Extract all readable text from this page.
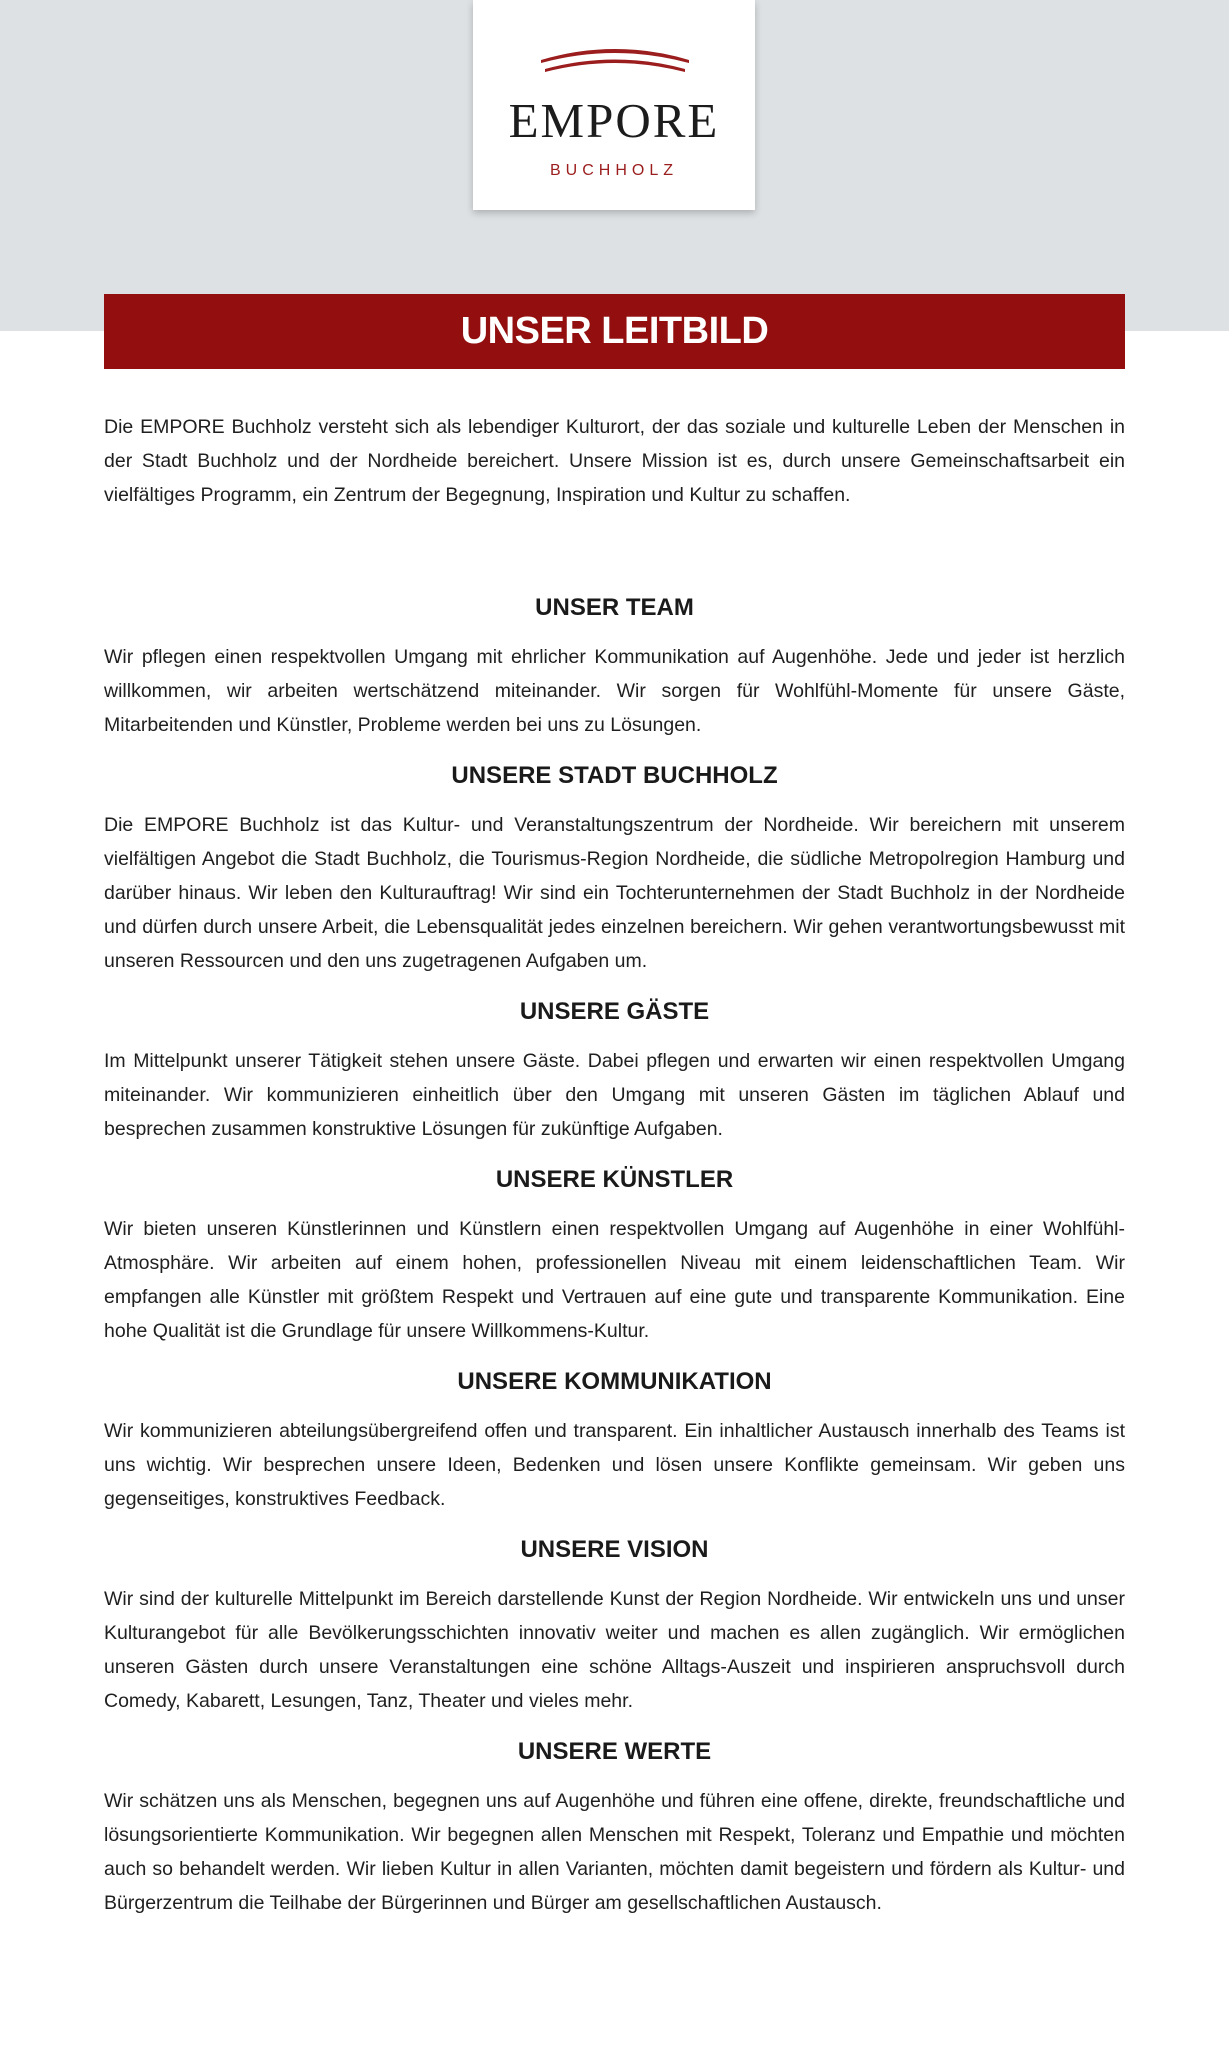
EMPORE
BUCHHOLZ
UNSER LEITBILD

Die EMPORE Buchholz versteht sich als lebendiger Kulturort, der das soziale und kulturelle Leben der Menschen in der Stadt Buchholz und der Nordheide bereichert. Unsere Mission ist es, durch unsere Gemeinschaftsarbeit ein vielfältiges Programm, ein Zentrum der Begegnung, Inspiration und Kultur zu schaffen.

UNSER TEAM

Wir pflegen einen respektvollen Umgang mit ehrlicher Kommunikation auf Augenhöhe. Jede und jeder ist herzlich willkommen, wir arbeiten wertschätzend miteinander. Wir sorgen für Wohlfühl-Momente für unsere Gäste, Mitarbeitenden und Künstler, Probleme werden bei uns zu Lösungen.

UNSERE STADT BUCHHOLZ

Die EMPORE Buchholz ist das Kultur- und Veranstaltungszentrum der Nordheide. Wir bereichern mit unserem vielfältigen Angebot die Stadt Buchholz, die Tourismus-Region Nordheide, die südliche Metropolregion Hamburg und darüber hinaus. Wir leben den Kulturauftrag! Wir sind ein Tochterunternehmen der Stadt Buchholz in der Nordheide und dürfen durch unsere Arbeit, die Lebensqualität jedes einzelnen bereichern. Wir gehen verantwortungsbewusst mit unseren Ressourcen und den uns zugetragenen Aufgaben um.

UNSERE GÄSTE

Im Mittelpunkt unserer Tätigkeit stehen unsere Gäste. Dabei pflegen und erwarten wir einen respektvollen Umgang miteinander. Wir kommunizieren einheitlich über den Umgang mit unseren Gästen im täglichen Ablauf und besprechen zusammen konstruktive Lösungen für zukünftige Aufgaben.

UNSERE KÜNSTLER

Wir bieten unseren Künstlerinnen und Künstlern einen respektvollen Umgang auf Augenhöhe in einer Wohlfühl-Atmosphäre. Wir arbeiten auf einem hohen, professionellen Niveau mit einem leidenschaftlichen Team. Wir empfangen alle Künstler mit größtem Respekt und Vertrauen auf eine gute und transparente Kommunikation. Eine hohe Qualität ist die Grundlage für unsere Willkommens-Kultur.

UNSERE KOMMUNIKATION

Wir kommunizieren abteilungsübergreifend offen und transparent. Ein inhaltlicher Austausch innerhalb des Teams ist uns wichtig. Wir besprechen unsere Ideen, Bedenken und lösen unsere Konflikte gemeinsam. Wir geben uns gegenseitiges, konstruktives Feedback.

UNSERE VISION

Wir sind der kulturelle Mittelpunkt im Bereich darstellende Kunst der Region Nordheide. Wir entwickeln uns und unser Kulturangebot für alle Bevölkerungsschichten innovativ weiter und machen es allen zugänglich. Wir ermöglichen unseren Gästen durch unsere Veranstaltungen eine schöne Alltags-Auszeit und inspirieren anspruchsvoll durch Comedy, Kabarett, Lesungen, Tanz, Theater und vieles mehr.

UNSERE WERTE

Wir schätzen uns als Menschen, begegnen uns auf Augenhöhe und führen eine offene, direkte, freundschaftliche und lösungsorientierte Kommunikation. Wir begegnen allen Menschen mit Respekt, Toleranz und Empathie und möchten auch so behandelt werden. Wir lieben Kultur in allen Varianten, möchten damit begeistern und fördern als Kultur- und Bürgerzentrum die Teilhabe der Bürgerinnen und Bürger am gesellschaftlichen Austausch.
